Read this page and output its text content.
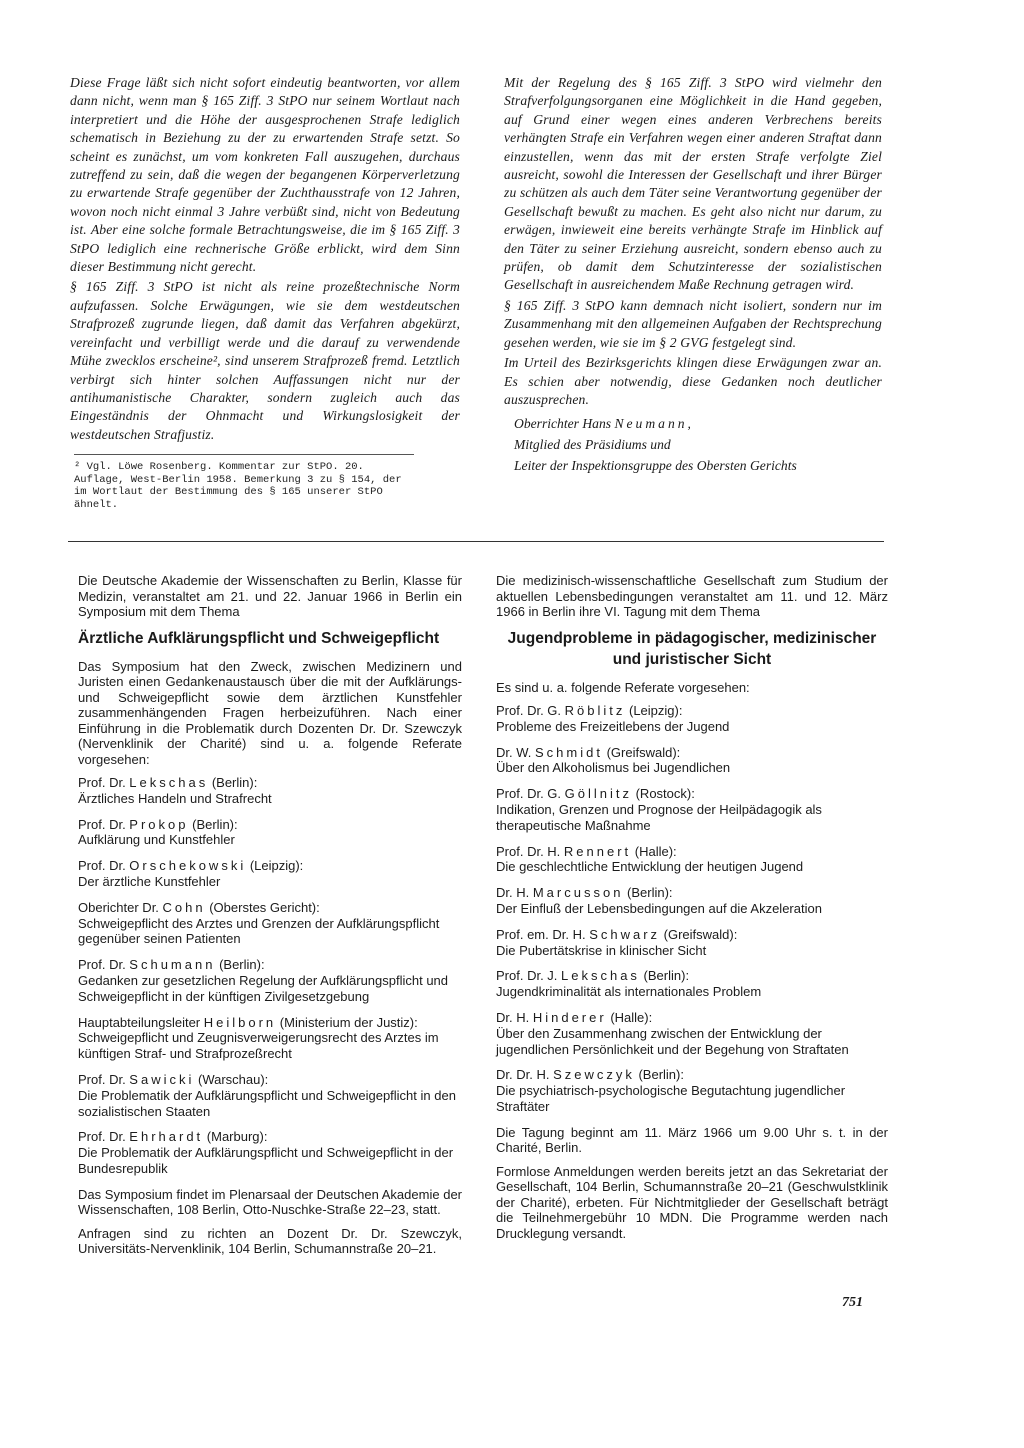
Diese Frage läßt sich nicht sofort eindeutig beantworten, vor allem dann nicht, wenn man § 165 Ziff. 3 StPO nur seinem Wortlaut nach interpretiert und die Höhe der ausgesprochenen Strafe lediglich schematisch in Beziehung zu der zu erwartenden Strafe setzt. So scheint es zunächst, um vom konkreten Fall auszugehen, durchaus zutreffend zu sein, daß die wegen der begangenen Körperverletzung zu erwartende Strafe gegenüber der Zuchthausstrafe von 12 Jahren, wovon noch nicht einmal 3 Jahre verbüßt sind, nicht von Bedeutung ist. Aber eine solche formale Betrachtungsweise, die im § 165 Ziff. 3 StPO lediglich eine rechnerische Größe erblickt, wird dem Sinn dieser Bestimmung nicht gerecht.

§ 165 Ziff. 3 StPO ist nicht als reine prozeßtechnische Norm aufzufassen. Solche Erwägungen, wie sie dem westdeutschen Strafprozeß zugrunde liegen, daß damit das Verfahren abgekürzt, vereinfacht und verbilligt werde und die darauf zu verwendende Mühe zwecklos erscheine², sind unserem Strafprozeß fremd. Letztlich verbirgt sich hinter solchen Auffassungen nicht nur der antihumanistische Charakter, sondern zugleich auch das Eingeständnis der Ohnmacht und Wirkungslosigkeit der westdeutschen Strafjustiz.

² Vgl. Löwe Rosenberg. Kommentar zur StPO. 20. Auflage, West-Berlin 1958. Bemerkung 3 zu § 154, der im Wortlaut der Bestimmung des § 165 unserer StPO ähnelt.

Mit der Regelung des § 165 Ziff. 3 StPO wird vielmehr den Strafverfolgungsorganen eine Möglichkeit in die Hand gegeben, auf Grund einer wegen eines anderen Verbrechens bereits verhängten Strafe ein Verfahren wegen einer anderen Straftat dann einzustellen, wenn das mit der ersten Strafe verfolgte Ziel ausreicht, sowohl die Interessen der Gesellschaft und ihrer Bürger zu schützen als auch dem Täter seine Verantwortung gegenüber der Gesellschaft bewußt zu machen. Es geht also nicht nur darum, zu erwägen, inwieweit eine bereits verhängte Strafe im Hinblick auf den Täter zu seiner Erziehung ausreicht, sondern ebenso auch zu prüfen, ob damit dem Schutzinteresse der sozialistischen Gesellschaft in ausreichendem Maße Rechnung getragen wird.

§ 165 Ziff. 3 StPO kann demnach nicht isoliert, sondern nur im Zusammenhang mit den allgemeinen Aufgaben der Rechtsprechung gesehen werden, wie sie im § 2 GVG festgelegt sind.

Im Urteil des Bezirksgerichts klingen diese Erwägungen zwar an. Es schien aber notwendig, diese Gedanken noch deutlicher auszusprechen.

Oberrichter Hans Neumann,
Mitglied des Präsidiums und
Leiter der Inspektionsgruppe des Obersten Gerichts

Die Deutsche Akademie der Wissenschaften zu Berlin, Klasse für Medizin, veranstaltet am 21. und 22. Januar 1966 in Berlin ein Symposium mit dem Thema

Ärztliche Aufklärungspflicht und Schweigepflicht

Das Symposium hat den Zweck, zwischen Medizinern und Juristen einen Gedankenaustausch über die mit der Aufklärungs- und Schweigepflicht sowie dem ärztlichen Kunstfehler zusammenhängenden Fragen herbeizuführen. Nach einer Einführung in die Problematik durch Dozenten Dr. Dr. Szewczyk (Nervenklinik der Charité) sind u. a. folgende Referate vorgesehen:

Prof. Dr. Lekschas (Berlin):
Ärztliches Handeln und Strafrecht
Prof. Dr. Prokop (Berlin):
Aufklärung und Kunstfehler
Prof. Dr. Orschekowski (Leipzig):
Der ärztliche Kunstfehler
Oberichter Dr. Cohn (Oberstes Gericht):
Schweigepflicht des Arztes und Grenzen der Aufklärungspflicht gegenüber seinen Patienten
Prof. Dr. Schumann (Berlin):
Gedanken zur gesetzlichen Regelung der Aufklärungspflicht und Schweigepflicht in der künftigen Zivilgesetzgebung
Hauptabteilungsleiter Heilborn (Ministerium der Justiz):
Schweigepflicht und Zeugnisverweigerungsrecht des Arztes im künftigen Straf- und Strafprozeßrecht
Prof. Dr. Sawicki (Warschau):
Die Problematik der Aufklärungspflicht und Schweigepflicht in den sozialistischen Staaten
Prof. Dr. Ehrhardt (Marburg):
Die Problematik der Aufklärungspflicht und Schweigepflicht in der Bundesrepublik

Das Symposium findet im Plenarsaal der Deutschen Akademie der Wissenschaften, 108 Berlin, Otto-Nuschke-Straße 22–23, statt.

Anfragen sind zu richten an Dozent Dr. Dr. Szewczyk, Universitäts-Nervenklinik, 104 Berlin, Schumannstraße 20–21.

Die medizinisch-wissenschaftliche Gesellschaft zum Studium der aktuellen Lebensbedingungen veranstaltet am 11. und 12. März 1966 in Berlin ihre VI. Tagung mit dem Thema

Jugendprobleme in pädagogischer, medizinischer und juristischer Sicht

Es sind u. a. folgende Referate vorgesehen:

Prof. Dr. G. Röblitz (Leipzig):
Probleme des Freizeitlebens der Jugend
Dr. W. Schmidt (Greifswald):
Über den Alkoholismus bei Jugendlichen
Prof. Dr. G. Göllnitz (Rostock):
Indikation, Grenzen und Prognose der Heilpädagogik als therapeutische Maßnahme
Prof. Dr. H. Rennert (Halle):
Die geschlechtliche Entwicklung der heutigen Jugend
Dr. H. Marcusson (Berlin):
Der Einfluß der Lebensbedingungen auf die Akzeleration
Prof. em. Dr. H. Schwarz (Greifswald):
Die Pubertätskrise in klinischer Sicht
Prof. Dr. J. Lekschas (Berlin):
Jugendkriminalität als internationales Problem
Dr. H. Hinderer (Halle):
Über den Zusammenhang zwischen der Entwicklung der jugendlichen Persönlichkeit und der Begehung von Straftaten
Dr. Dr. H. Szewczyk (Berlin):
Die psychiatrisch-psychologische Begutachtung jugendlicher Straftäter

Die Tagung beginnt am 11. März 1966 um 9.00 Uhr s. t. in der Charité, Berlin.

Formlose Anmeldungen werden bereits jetzt an das Sekretariat der Gesellschaft, 104 Berlin, Schumannstraße 20–21 (Geschwulstklinik der Charité), erbeten. Für Nichtmitglieder der Gesellschaft beträgt die Teilnehmergebühr 10 MDN. Die Programme werden nach Drucklegung versandt.

751
